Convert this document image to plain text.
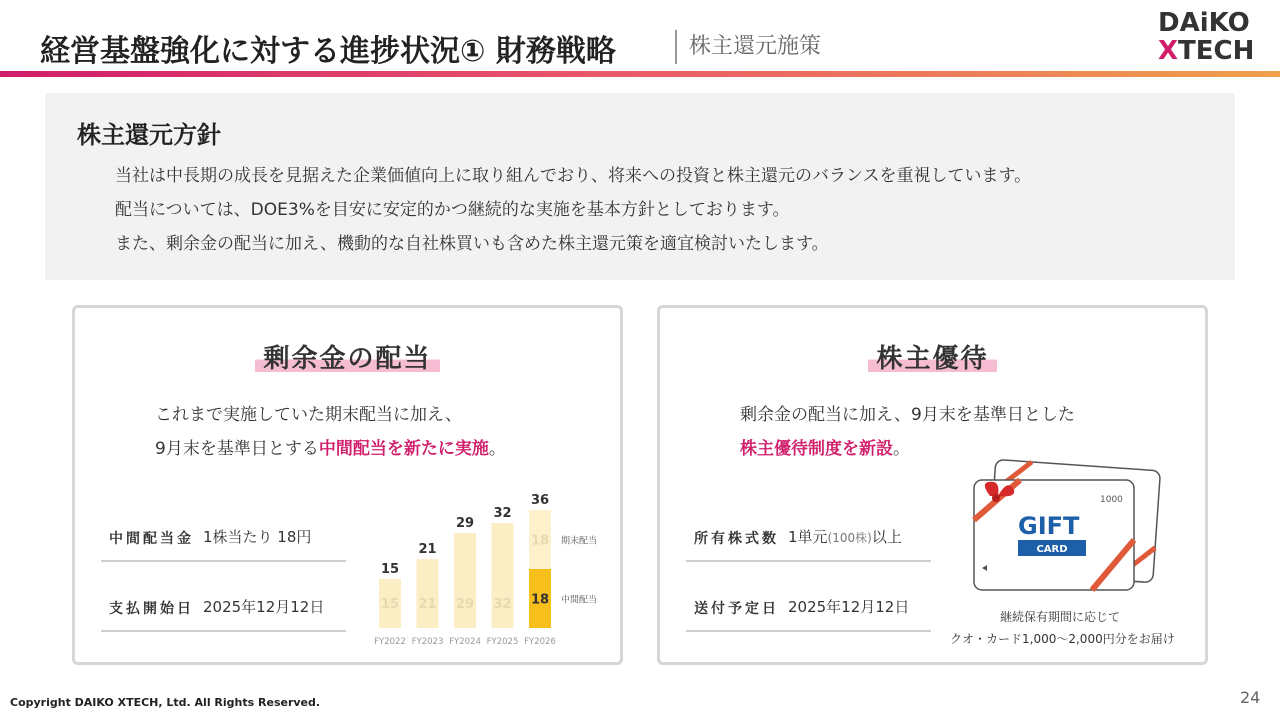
経営基盤強化に対する進捗状況① 財務戦略	株主還元施策
DAiKO
XTECH
株主還元方針
当社は中長期の成長を見据えた企業価値向上に取り組んでおり、将来への投資と株主還元のバランスを重視しています。
配当については、DOE3%を目安に安定的かつ継続的な実施を基本方針としております。
また、剰余金の配当に加え、機動的な自社株買いも含めた株主還元策を適宜検討いたします。
剰余金の配当
これまで実施していた期末配当に加え、
9月末を基準日とする中間配当を新たに実施。
中間配当金 1株当たり 18円
支払開始日 2025年12月12日	15
15
FY2022
21
21
FY2023
29
29
FY2024
32
32
FY2025
18
18
36
FY2026
期末配当
中間配当
株主優待
剰余金の配当に加え、9月末を基準日とした
株主優待制度を新設。
所有株式数 1単元(100株)以上
送付予定日 2025年12月12日
1000
GIFT
CARD
継続保有期間に応じて
クオ・カード1,000～2,000円分をお届け
Copyright DAIKO XTECH, Ltd. All Rights Reserved.	24
